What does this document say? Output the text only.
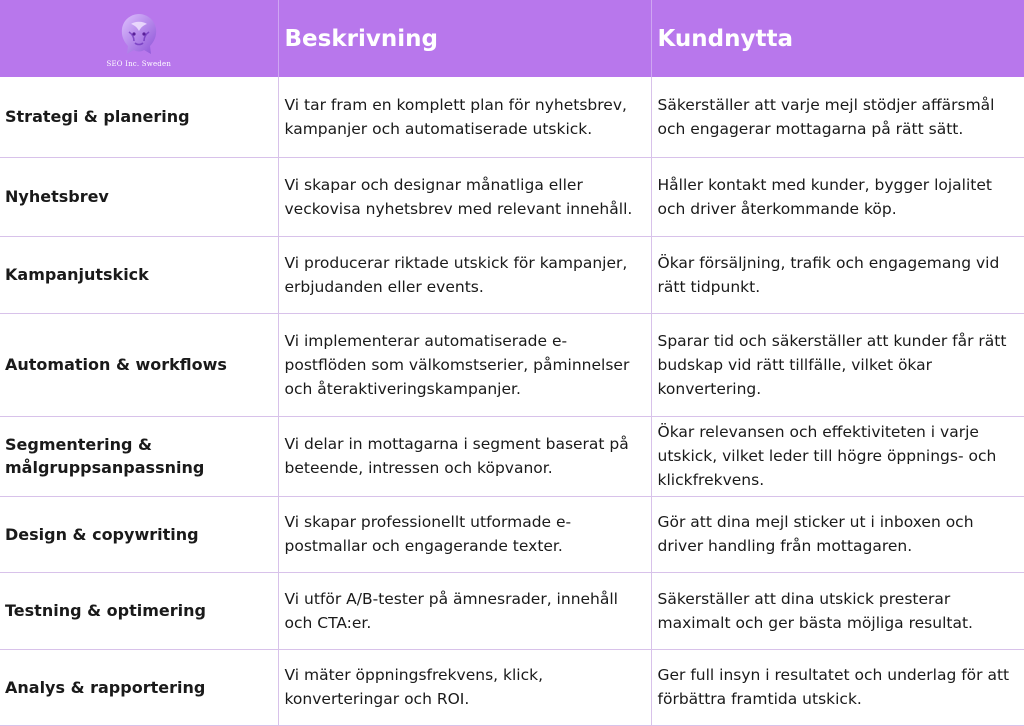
SEO Inc. Sweden	Beskrivning	Kundnytta
Strategi & planering	Vi tar fram en komplett plan för nyhetsbrev, kampanjer och automatiserade utskick.	Säkerställer att varje mejl stödjer affärsmål och engagerar mottagarna på rätt sätt.
Nyhetsbrev	Vi skapar och designar månatliga eller veckovisa nyhetsbrev med relevant innehåll.	Håller kontakt med kunder, bygger lojalitet och driver återkommande köp.
Kampanjutskick	Vi producerar riktade utskick för kampanjer, erbjudanden eller events.	Ökar försäljning, trafik och engagemang vid rätt tidpunkt.
Automation & workflows	Vi implementerar automatiserade e-postflöden som välkomstserier, påminnelser och återaktiveringskampanjer.	Sparar tid och säkerställer att kunder får rätt budskap vid rätt tillfälle, vilket ökar konvertering.
Segmentering & målgruppsanpassning	Vi delar in mottagarna i segment baserat på beteende, intressen och köpvanor.	Ökar relevansen och effektiviteten i varje utskick, vilket leder till högre öppnings- och klickfrekvens.
Design & copywriting	Vi skapar professionellt utformade e-postmallar och engagerande texter.	Gör att dina mejl sticker ut i inboxen och driver handling från mottagaren.
Testning & optimering	Vi utför A/B-tester på ämnesrader, innehåll och CTA:er.	Säkerställer att dina utskick presterar maximalt och ger bästa möjliga resultat.
Analys & rapportering	Vi mäter öppningsfrekvens, klick, konverteringar och ROI.	Ger full insyn i resultatet och underlag för att förbättra framtida utskick.
